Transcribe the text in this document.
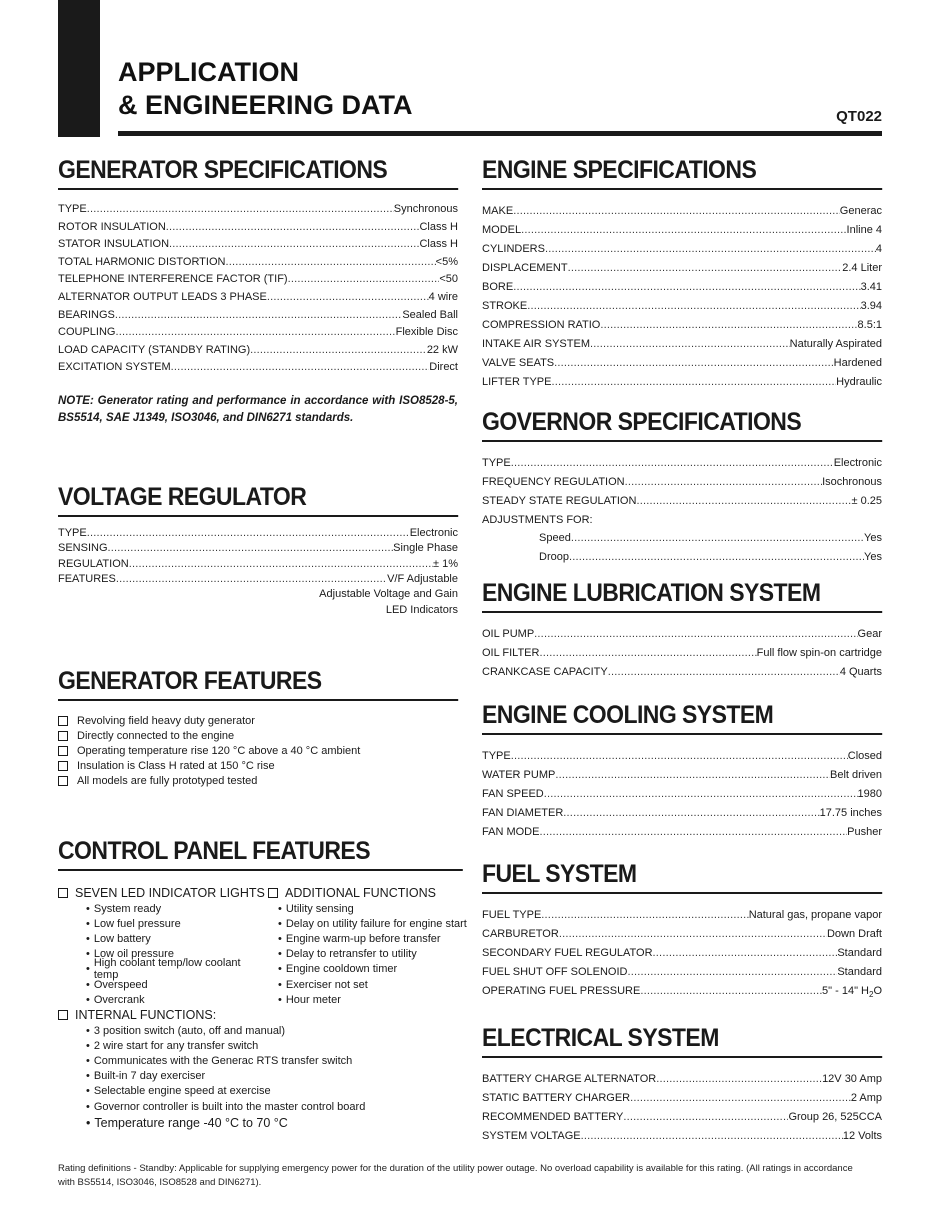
APPLICATION
& ENGINEERING DATA	QT022
GENERATOR SPECIFICATIONS
TYPE .....	Synchronous
ROTOR INSULATION .....	Class H
STATOR INSULATION .....	Class H
TOTAL HARMONIC DISTORTION .....	<5%
TELEPHONE INTERFERENCE FACTOR (TIF) .....	<50
ALTERNATOR OUTPUT LEADS 3 PHASE .....	4 wire
BEARINGS .....	Sealed Ball
COUPLING .....	Flexible Disc
LOAD CAPACITY (STANDBY RATING) .....	22 kW
EXCITATION SYSTEM .....	Direct
NOTE: Generator rating and performance in accordance with ISO8528-5, BS5514, SAE J1349, ISO3046, and DIN6271 standards.
VOLTAGE REGULATOR
TYPE .....	Electronic
SENSING .....	Single Phase
REGULATION .....	± 1%
FEATURES .....	V/F Adjustable
Adjustable Voltage and Gain
LED Indicators
GENERATOR FEATURES
Revolving field heavy duty generator
Directly connected to the engine
Operating temperature rise 120 °C above a 40 °C ambient
Insulation is Class H rated at 150 °C rise
All models are fully prototyped tested
CONTROL PANEL FEATURES
SEVEN LED INDICATOR LIGHTS
• System ready
• Low fuel pressure
• Low battery
• Low oil pressure
• High coolant temp/low coolant temp
• Overspeed
• Overcrank
ADDITIONAL FUNCTIONS
• Utility sensing
• Delay on utility failure for engine start
• Engine warm-up before transfer
• Delay to retransfer to utility
• Engine cooldown timer
• Exerciser not set
• Hour meter
INTERNAL FUNCTIONS:
• 3 position switch (auto, off and manual)
• 2 wire start for any transfer switch
• Communicates with the Generac RTS transfer switch
• Built-in 7 day exerciser
• Selectable engine speed at exercise
• Governor controller is built into the master control board
• Temperature range -40 °C to 70 °C
ENGINE SPECIFICATIONS
MAKE .....	Generac
MODEL .....	Inline 4
CYLINDERS .....	4
DISPLACEMENT .....	2.4 Liter
BORE .....	3.41
STROKE .....	3.94
COMPRESSION RATIO .....	8.5:1
INTAKE AIR SYSTEM .....	Naturally Aspirated
VALVE SEATS .....	Hardened
LIFTER TYPE .....	Hydraulic
GOVERNOR SPECIFICATIONS
TYPE .....	Electronic
FREQUENCY REGULATION .....	Isochronous
STEADY STATE REGULATION .....	± 0.25
ADJUSTMENTS FOR:
Speed .....	Yes
Droop .....	Yes
ENGINE LUBRICATION SYSTEM
OIL PUMP .....	Gear
OIL FILTER .....	Full flow spin-on cartridge
CRANKCASE CAPACITY .....	4 Quarts
ENGINE COOLING SYSTEM
TYPE .....	Closed
WATER PUMP .....	Belt driven
FAN SPEED .....	1980
FAN DIAMETER .....	17.75 inches
FAN MODE .....	Pusher
FUEL SYSTEM
FUEL TYPE .....	Natural gas, propane vapor
CARBURETOR .....	Down Draft
SECONDARY FUEL REGULATOR .....	Standard
FUEL SHUT OFF SOLENOID .....	Standard
OPERATING FUEL PRESSURE .....	5" - 14" $H_2O$
ELECTRICAL SYSTEM
BATTERY CHARGE ALTERNATOR .....	12V 30 Amp
STATIC BATTERY CHARGER .....	2 Amp
RECOMMENDED BATTERY .....	Group 26, 525CCA
SYSTEM VOLTAGE .....	12 Volts
Rating definitions - Standby: Applicable for supplying emergency power for the duration of the utility power outage. No overload capability is available for this rating. (All ratings in accordance with BS5514, ISO3046, ISO8528 and DIN6271).
